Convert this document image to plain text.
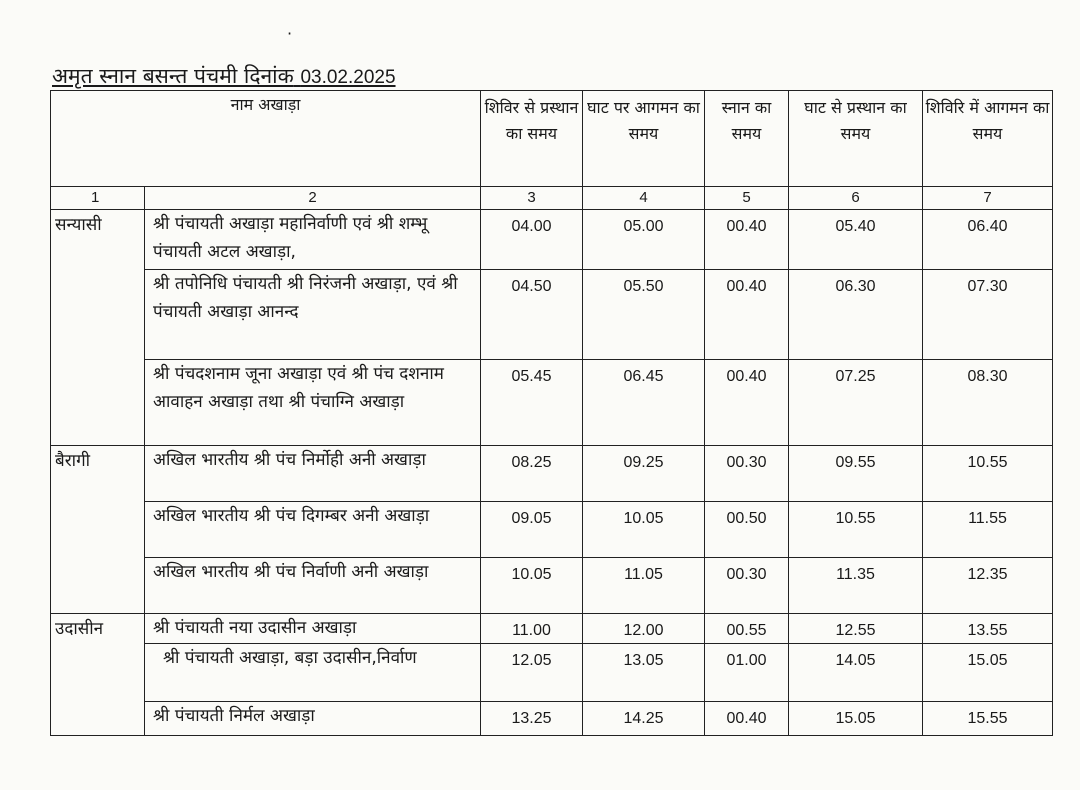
·
अमृत स्नान बसन्त पंचमी दिनांक 03.02.2025
नाम अखाड़ा		शिविर से प्रस्थान का समय	घाट पर आगमन का समय	स्नान का समय	घाट से प्रस्थान का समय	शिविरि में आगमन का समय
1	2	3	4	5	6	7
सन्यासी	श्री पंचायती अखाड़ा महानिर्वाणी एवं श्री शम्भू पंचायती अटल अखाड़ा,	04.00	05.00	00.40	05.40	06.40
	श्री तपोनिधि पंचायती श्री निरंजनी अखाड़ा, एवं श्री पंचायती अखाड़ा आनन्द	04.50	05.50	00.40	06.30	07.30
	श्री पंचदशनाम जूना अखाड़ा एवं श्री पंच दशनाम आवाहन अखाड़ा तथा श्री पंचाग्नि अखाड़ा	05.45	06.45	00.40	07.25	08.30
बैरागी	अखिल भारतीय श्री पंच निर्मोही अनी अखाड़ा	08.25	09.25	00.30	09.55	10.55
	अखिल भारतीय श्री पंच दिगम्बर अनी अखाड़ा	09.05	10.05	00.50	10.55	11.55
	अखिल भारतीय श्री पंच निर्वाणी अनी अखाड़ा	10.05	11.05	00.30	11.35	12.35
उदासीन	श्री पंचायती नया उदासीन अखाड़ा	11.00	12.00	00.55	12.55	13.55
	श्री पंचायती अखाड़ा, बड़ा उदासीन,निर्वाण	12.05	13.05	01.00	14.05	15.05
	श्री पंचायती निर्मल अखाड़ा	13.25	14.25	00.40	15.05	15.55
